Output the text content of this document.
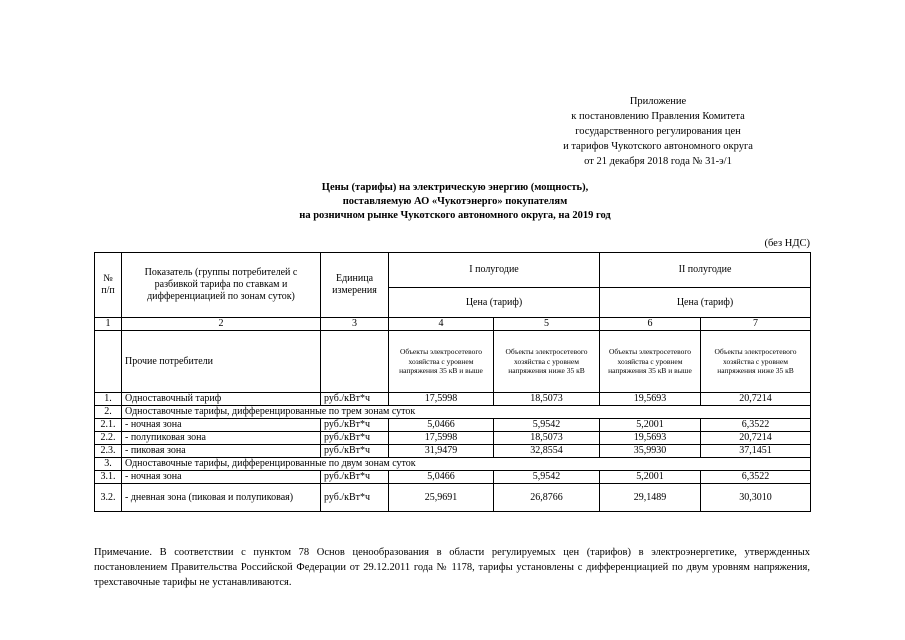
Приложение
к постановлению Правления Комитета
государственного регулирования цен
и тарифов Чукотского автономного округа
от 21 декабря 2018 года № 31-э/1
Цены (тарифы) на электрическую энергию (мощность),
поставляемую АО «Чукотэнерго» покупателям
на розничном рынке Чукотского автономного округа, на 2019 год
(без НДС)
№ п/п	Показатель (группы потребителей с разбивкой тарифа по ставкам и дифференциацией по зонам суток)	Единица измерения	I полугодие		II полугодие	
			Цена (тариф)		Цена (тариф)	
1	2	3	4	5	6	7
	Прочие потребители		Объекты электросетевого хозяйства с уровнем напряжения 35 кВ и выше	Объекты электросетевого хозяйства с уровнем напряжения ниже 35 кВ	Объекты электросетевого хозяйства с уровнем напряжения 35 кВ и выше	Объекты электросетевого хозяйства с уровнем напряжения ниже 35 кВ
1.	Одноставочный тариф	руб./кВт*ч	17,5998	18,5073	19,5693	20,7214
2.	Одноставочные тарифы, дифференцированные по трем зонам суток					
2.1.	- ночная зона	руб./кВт*ч	5,0466	5,9542	5,2001	6,3522
2.2.	- полупиковая зона	руб./кВт*ч	17,5998	18,5073	19,5693	20,7214
2.3.	- пиковая зона	руб./кВт*ч	31,9479	32,8554	35,9930	37,1451
3.	Одноставочные тарифы, дифференцированные по двум зонам суток					
3.1.	- ночная зона	руб./кВт*ч	5,0466	5,9542	5,2001	6,3522
3.2.	- дневная зона (пиковая и полупиковая)	руб./кВт*ч	25,9691	26,8766	29,1489	30,3010
Примечание. В соответствии с пунктом 78 Основ ценообразования в области регулируемых цен (тарифов) в электроэнергетике, утвержденных постановлением Правительства Российской Федерации от 29.12.2011 года № 1178, тарифы установлены с дифференциацией по двум уровням напряжения, трехставочные тарифы не устанавливаются.
